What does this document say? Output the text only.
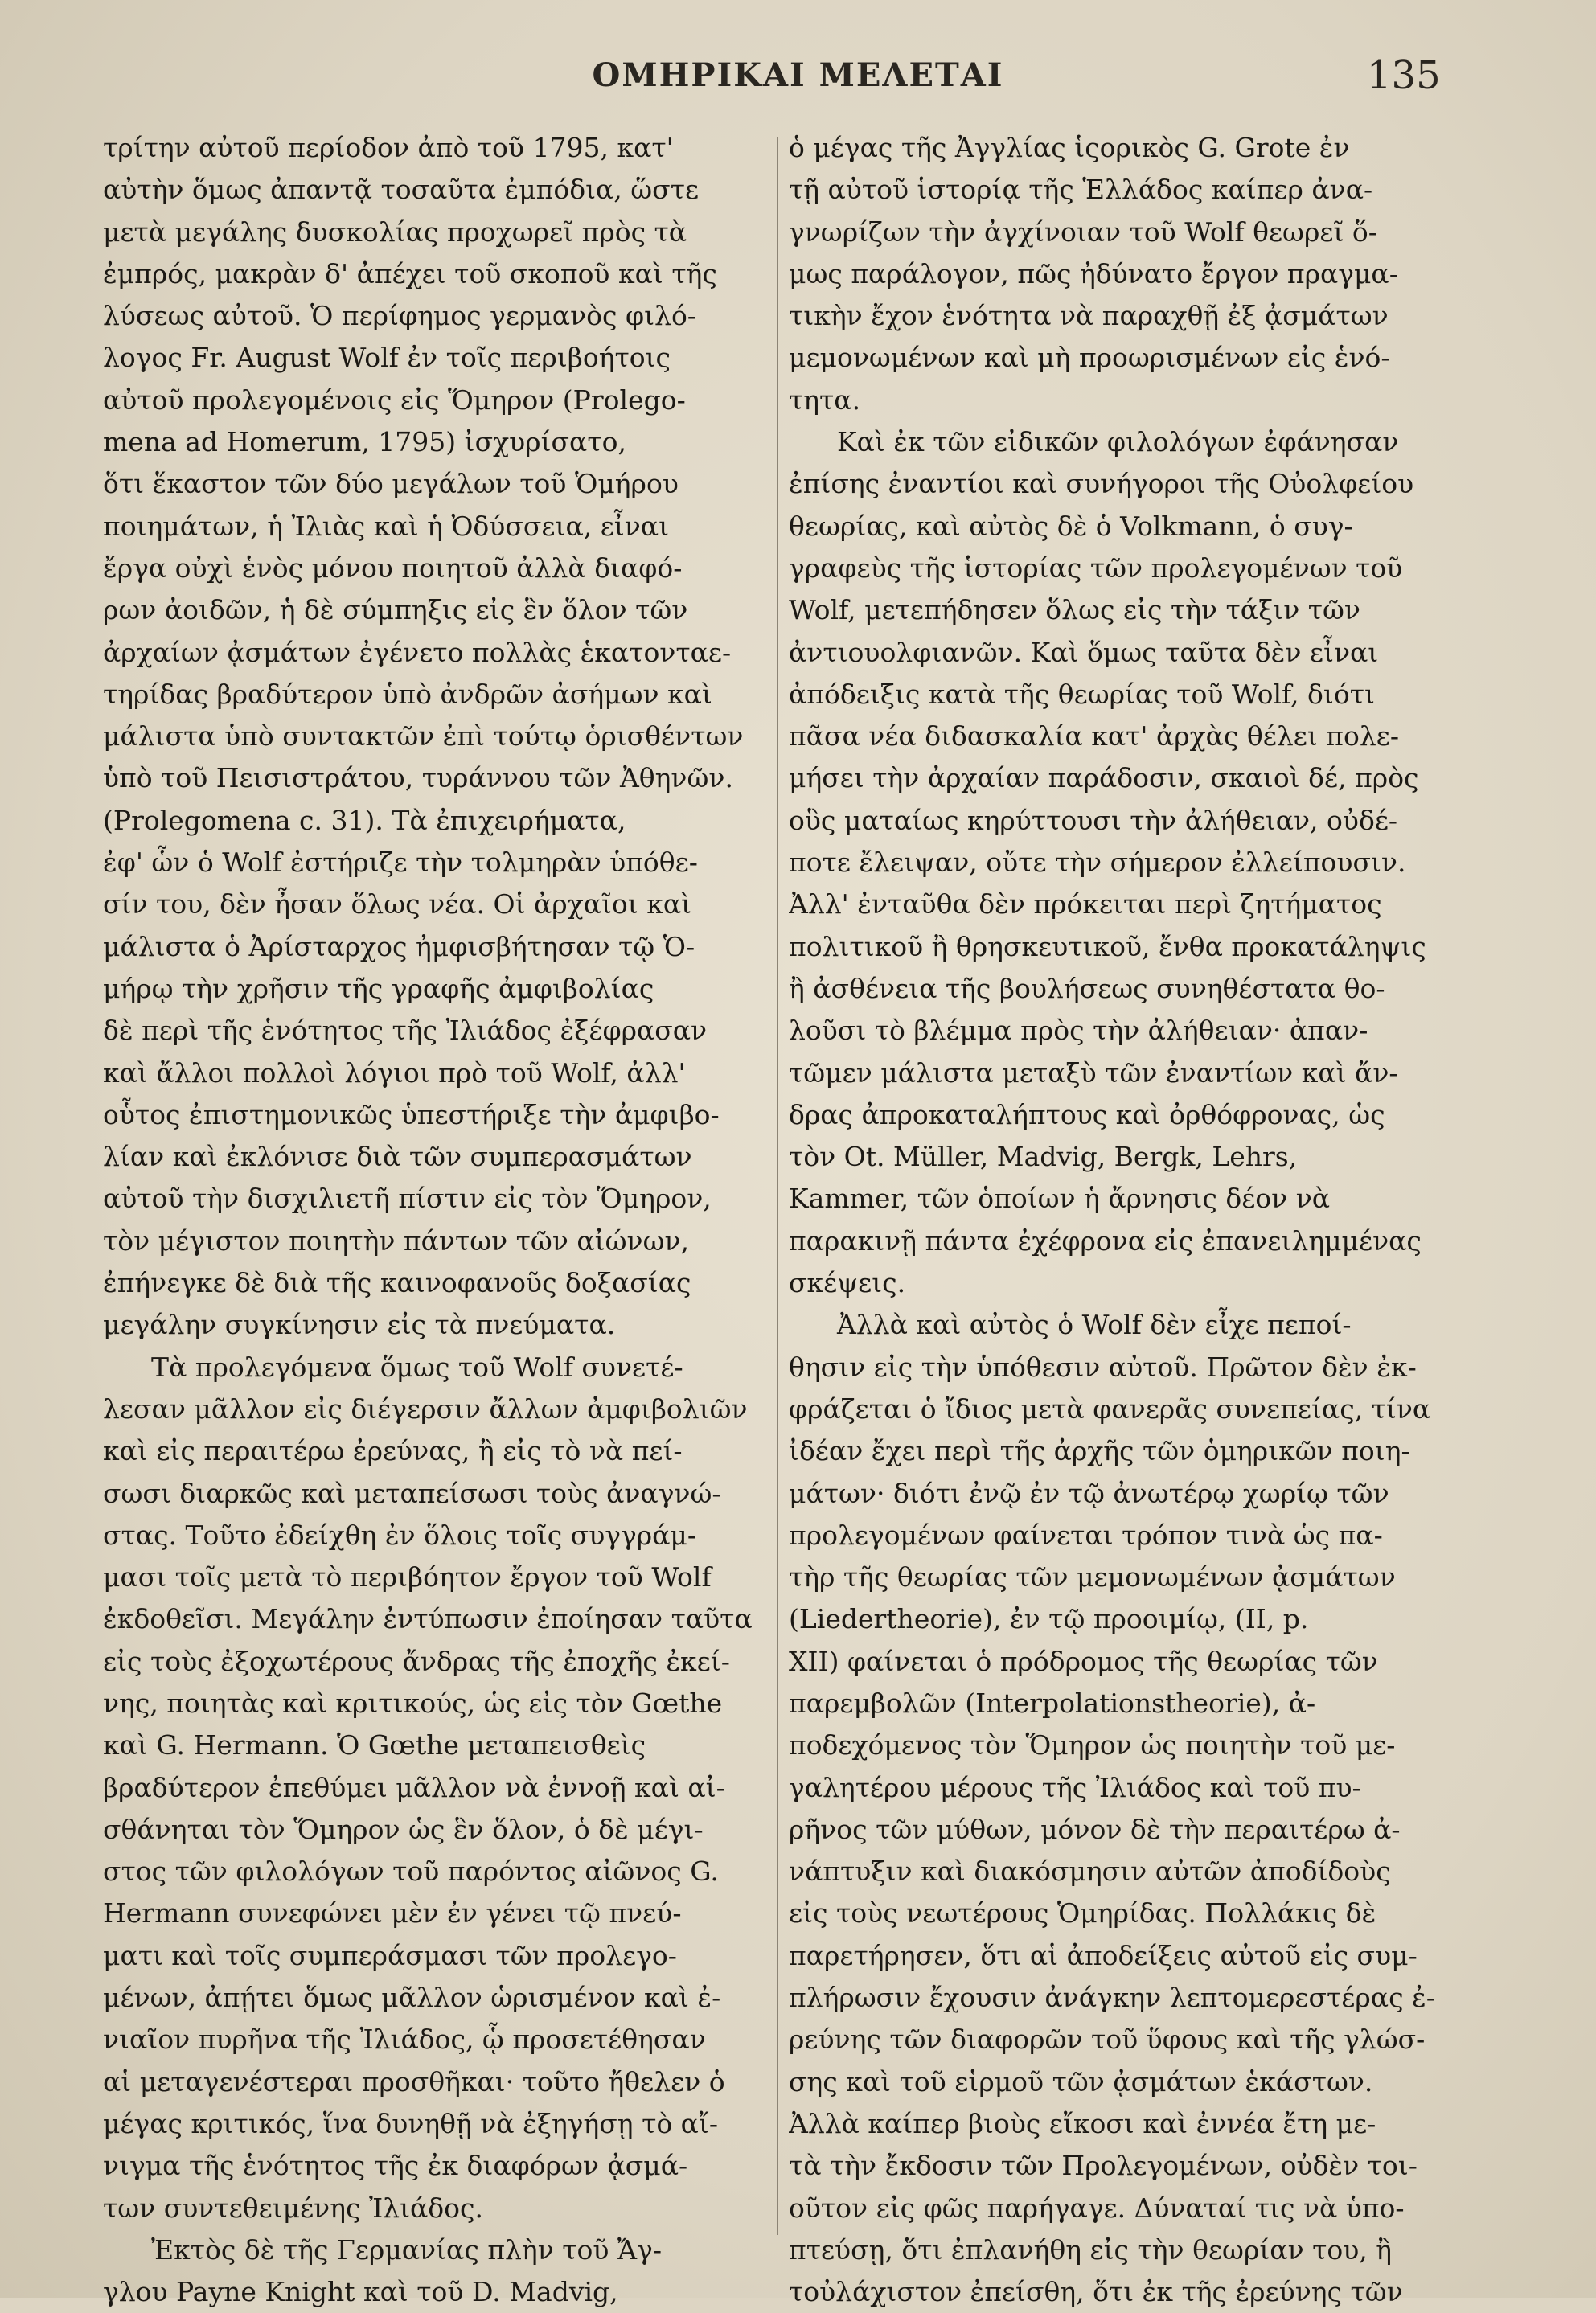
ΟΜΗΡΙΚΑΙ ΜΕΛΕΤΑΙ	135
τρίτην αὐτοῦ περίοδον ἀπὸ τοῦ 1795, κατ'
αὐτὴν ὅμως ἀπαντᾷ τοσαῦτα ἐμπόδια, ὥστε
μετὰ μεγάλης δυσκολίας προχωρεῖ πρὸς τὰ
ἐμπρός, μακρὰν δ' ἀπέχει τοῦ σκοποῦ καὶ τῆς
λύσεως αὐτοῦ. Ὁ περίφημος γερμανὸς φιλό-
λογος Fr. August Wolf ἐν τοῖς περιβοήτοις
αὐτοῦ προλεγομένοις εἰς Ὅμηρον (Prolego-
mena ad Homerum, 1795) ἰσχυρίσατο,
ὅτι ἕκαστον τῶν δύο μεγάλων τοῦ Ὁμήρου
ποιημάτων, ἡ Ἰλιὰς καὶ ἡ Ὀδύσσεια, εἶναι
ἔργα οὐχὶ ἑνὸς μόνου ποιητοῦ ἀλλὰ διαφό-
ρων ἀοιδῶν, ἡ δὲ σύμπηξις εἰς ἓν ὅλον τῶν
ἀρχαίων ᾀσμάτων ἐγένετο πολλὰς ἑκατονταε-
τηρίδας βραδύτερον ὑπὸ ἀνδρῶν ἀσήμων καὶ
μάλιστα ὑπὸ συντακτῶν ἐπὶ τούτῳ ὁρισθέντων
ὑπὸ τοῦ Πεισιστράτου, τυράννου τῶν Ἀθηνῶν.
(Prolegomena c. 31). Τὰ ἐπιχειρήματα,
ἐφ' ὧν ὁ Wolf ἐστήριζε τὴν τολμηρὰν ὑπόθε-
σίν του, δὲν ἦσαν ὅλως νέα. Οἱ ἀρχαῖοι καὶ
μάλιστα ὁ Ἀρίσταρχος ἠμφισβήτησαν τῷ Ὁ-
μήρῳ τὴν χρῆσιν τῆς γραφῆς ἀμφιβολίας
δὲ περὶ τῆς ἑνότητος τῆς Ἰλιάδος ἐξέφρασαν
καὶ ἄλλοι πολλοὶ λόγιοι πρὸ τοῦ Wolf, ἀλλ'
οὗτος ἐπιστημονικῶς ὑπεστήριξε τὴν ἀμφιβο-
λίαν καὶ ἐκλόνισε διὰ τῶν συμπερασμάτων
αὐτοῦ τὴν δισχιλιετῆ πίστιν εἰς τὸν Ὅμηρον,
τὸν μέγιστον ποιητὴν πάντων τῶν αἰώνων,
ἐπήνεγκε δὲ διὰ τῆς καινοφανοῦς δοξασίας
μεγάλην συγκίνησιν εἰς τὰ πνεύματα.
Τὰ προλεγόμενα ὅμως τοῦ Wolf συνετέ-
λεσαν μᾶλλον εἰς διέγερσιν ἄλλων ἀμφιβολιῶν
καὶ εἰς περαιτέρω ἐρεύνας, ἢ εἰς τὸ νὰ πεί-
σωσι διαρκῶς καὶ μεταπείσωσι τοὺς ἀναγνώ-
στας. Τοῦτο ἐδείχθη ἐν ὅλοις τοῖς συγγράμ-
μασι τοῖς μετὰ τὸ περιβόητον ἔργον τοῦ Wolf
ἐκδοθεῖσι. Μεγάλην ἐντύπωσιν ἐποίησαν ταῦτα
εἰς τοὺς ἐξοχωτέρους ἄνδρας τῆς ἐποχῆς ἐκεί-
νης, ποιητὰς καὶ κριτικούς, ὡς εἰς τὸν Gœthe
καὶ G. Hermann. Ὁ Gœthe μεταπεισθεὶς
βραδύτερον ἐπεθύμει μᾶλλον νὰ ἐννοῇ καὶ αἰ-
σθάνηται τὸν Ὅμηρον ὡς ἓν ὅλον, ὁ δὲ μέγι-
στος τῶν φιλολόγων τοῦ παρόντος αἰῶνος G.
Hermann συνεφώνει μὲν ἐν γένει τῷ πνεύ-
ματι καὶ τοῖς συμπεράσμασι τῶν προλεγο-
μένων, ἀπῄτει ὅμως μᾶλλον ὡρισμένον καὶ ἐ-
νιαῖον πυρῆνα τῆς Ἰλιάδος, ᾧ προσετέθησαν
αἱ μεταγενέστεραι προσθῆκαι· τοῦτο ἤθελεν ὁ
μέγας κριτικός, ἵνα δυνηθῇ νὰ ἐξηγήσῃ τὸ αἴ-
νιγμα τῆς ἑνότητος τῆς ἐκ διαφόρων ᾀσμά-
των συντεθειμένης Ἰλιάδος.
Ἐκτὸς δὲ τῆς Γερμανίας πλὴν τοῦ Ἄγ-
γλου Payne Knight καὶ τοῦ D. Madvig,
ὁ μέγας τῆς Ἀγγλίας ἱςορικὸς G. Grote ἐν
τῇ αὐτοῦ ἱστορίᾳ τῆς Ἑλλάδος καίπερ ἀνα-
γνωρίζων τὴν ἀγχίνοιαν τοῦ Wolf θεωρεῖ ὅ-
μως παράλογον, πῶς ἠδύνατο ἔργον πραγμα-
τικὴν ἔχον ἑνότητα νὰ παραχθῇ ἐξ ᾀσμάτων
μεμονωμένων καὶ μὴ προωρισμένων εἰς ἑνό-
τητα.
Καὶ ἐκ τῶν εἰδικῶν φιλολόγων ἐφάνησαν
ἐπίσης ἐναντίοι καὶ συνήγοροι τῆς Οὐολφείου
θεωρίας, καὶ αὐτὸς δὲ ὁ Volkmann, ὁ συγ-
γραφεὺς τῆς ἱστορίας τῶν προλεγομένων τοῦ
Wolf, μετεπήδησεν ὅλως εἰς τὴν τάξιν τῶν
ἀντιουολφιανῶν. Καὶ ὅμως ταῦτα δὲν εἶναι
ἀπόδειξις κατὰ τῆς θεωρίας τοῦ Wolf, διότι
πᾶσα νέα διδασκαλία κατ' ἀρχὰς θέλει πολε-
μήσει τὴν ἀρχαίαν παράδοσιν, σκαιοὶ δέ, πρὸς
οὓς ματαίως κηρύττουσι τὴν ἀλήθειαν, οὐδέ-
ποτε ἔλειψαν, οὔτε τὴν σήμερον ἐλλείπουσιν.
Ἀλλ' ἐνταῦθα δὲν πρόκειται περὶ ζητήματος
πολιτικοῦ ἢ θρησκευτικοῦ, ἔνθα προκατάληψις
ἢ ἀσθένεια τῆς βουλήσεως συνηθέστατα θο-
λοῦσι τὸ βλέμμα πρὸς τὴν ἀλήθειαν· ἀπαν-
τῶμεν μάλιστα μεταξὺ τῶν ἐναντίων καὶ ἄν-
δρας ἀπροκαταλήπτους καὶ ὀρθόφρονας, ὡς
τὸν Ot. Müller, Madvig, Bergk, Lehrs,
Kammer, τῶν ὁποίων ἡ ἄρνησις δέον νὰ
παρακινῇ πάντα ἐχέφρονα εἰς ἐπανειλημμένας
σκέψεις.
Ἀλλὰ καὶ αὐτὸς ὁ Wolf δὲν εἶχε πεποί-
θησιν εἰς τὴν ὑπόθεσιν αὐτοῦ. Πρῶτον δὲν ἐκ-
φράζεται ὁ ἴδιος μετὰ φανερᾶς συνεπείας, τίνα
ἰδέαν ἔχει περὶ τῆς ἀρχῆς τῶν ὁμηρικῶν ποιη-
μάτων· διότι ἐνῷ ἐν τῷ ἀνωτέρῳ χωρίῳ τῶν
προλεγομένων φαίνεται τρόπον τινὰ ὡς πα-
τὴρ τῆς θεωρίας τῶν μεμονωμένων ᾀσμάτων
(Liedertheorie), ἐν τῷ προοιμίῳ, (II, p.
XII) φαίνεται ὁ πρόδρομος τῆς θεωρίας τῶν
παρεμβολῶν (Interpolationstheorie), ἀ-
ποδεχόμενος τὸν Ὅμηρον ὡς ποιητὴν τοῦ με-
γαλητέρου μέρους τῆς Ἰλιάδος καὶ τοῦ πυ-
ρῆνος τῶν μύθων, μόνον δὲ τὴν περαιτέρω ἀ-
νάπτυξιν καὶ διακόσμησιν αὐτῶν ἀποδίδοὺς
εἰς τοὺς νεωτέρους Ὁμηρίδας. Πολλάκις δὲ
παρετήρησεν, ὅτι αἱ ἀποδείξεις αὐτοῦ εἰς συμ-
πλήρωσιν ἔχουσιν ἀνάγκην λεπτομερεστέρας ἐ-
ρεύνης τῶν διαφορῶν τοῦ ὕφους καὶ τῆς γλώσ-
σης καὶ τοῦ εἱρμοῦ τῶν ᾀσμάτων ἑκάστων.
Ἀλλὰ καίπερ βιοὺς εἴκοσι καὶ ἐννέα ἔτη με-
τὰ τὴν ἔκδοσιν τῶν Προλεγομένων, οὐδὲν τοι-
οῦτον εἰς φῶς παρήγαγε. Δύναταί τις νὰ ὑπο-
πτεύσῃ, ὅτι ἐπλανήθη εἰς τὴν θεωρίαν του, ἢ
τοὐλάχιστον ἐπείσθη, ὅτι ἐκ τῆς ἐρεύνης τῶν
